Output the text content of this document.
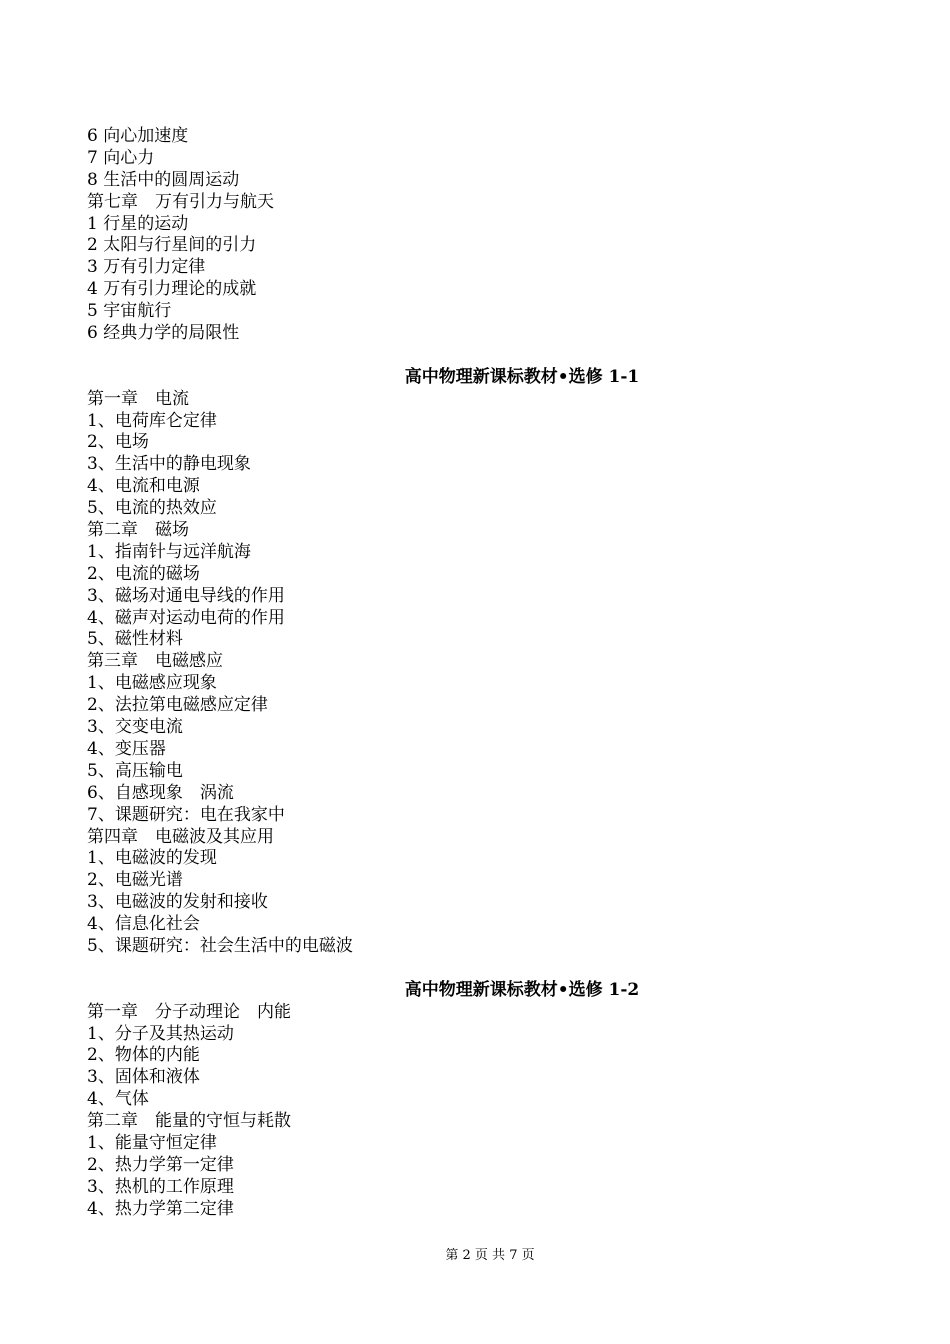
6 向心加速度
7 向心力
8 生活中的圆周运动
第七章　万有引力与航天
1 行星的运动
2 太阳与行星间的引力
3 万有引力定律
4 万有引力理论的成就
5 宇宙航行
6 经典力学的局限性
高中物理新课标教材•选修 1-1
第一章　电流
1、电荷库仑定律
2、电场
3、生活中的静电现象
4、电流和电源
5、电流的热效应
第二章　磁场
1、指南针与远洋航海
2、电流的磁场
3、磁场对通电导线的作用
4、磁声对运动电荷的作用
5、磁性材料
第三章　电磁感应
1、电磁感应现象
2、法拉第电磁感应定律
3、交变电流
4、变压器
5、高压输电
6、自感现象　涡流
7、课题研究：电在我家中
第四章　电磁波及其应用
1、电磁波的发现
2、电磁光谱
3、电磁波的发射和接收
4、信息化社会
5、课题研究：社会生活中的电磁波
高中物理新课标教材•选修 1-2
第一章　分子动理论　内能
1、分子及其热运动
2、物体的内能
3、固体和液体
4、气体
第二章　能量的守恒与耗散
1、能量守恒定律
2、热力学第一定律
3、热机的工作原理
4、热力学第二定律
第 2 页 共 7 页
